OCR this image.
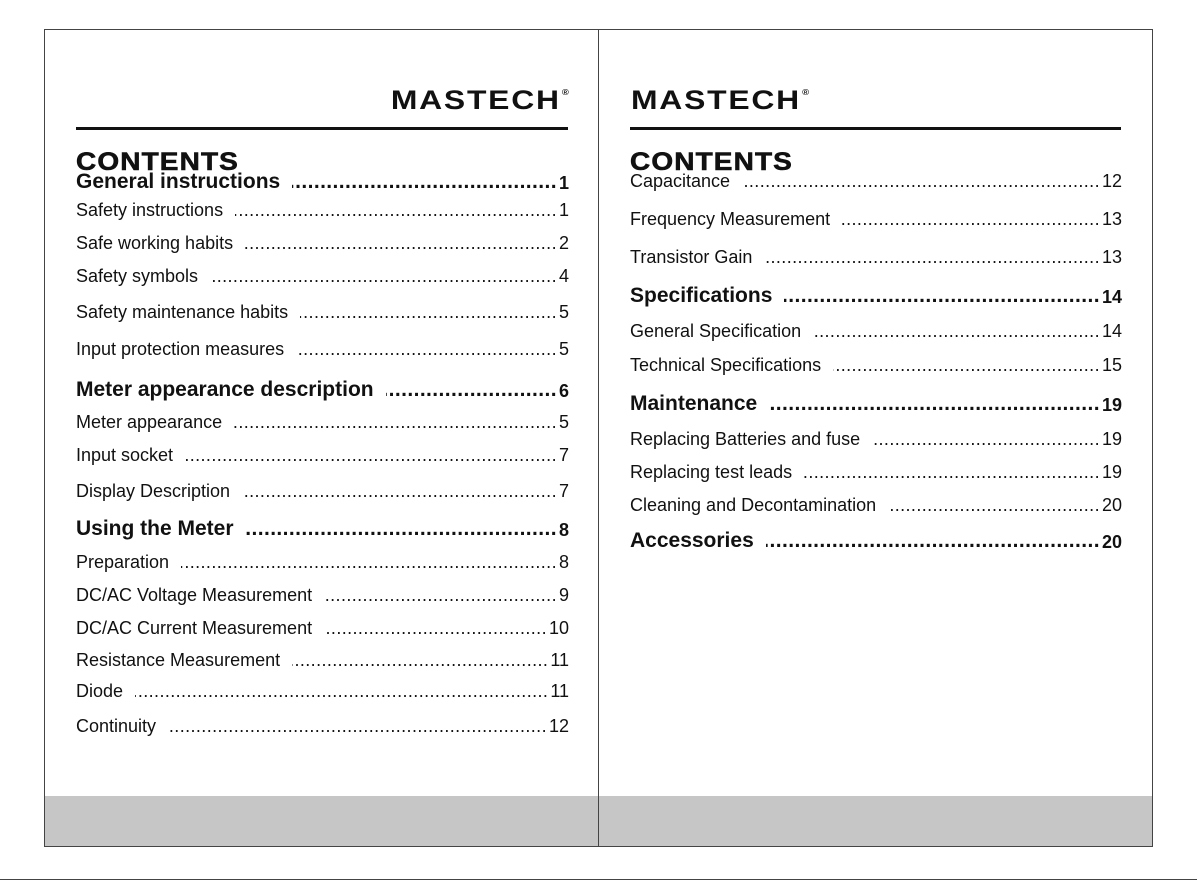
MASTECH®
CONTENTS
General instructions .....	1
Safety instructions .....	1
Safe working habits .....	2
Safety symbols .....	4
Safety maintenance habits .....	5
Input protection measures .....	5
Meter appearance description .....	6
Meter appearance .....	5
Input socket .....	7
Display Description .....	7
Using the Meter .....	8
Preparation .....	8
DC/AC Voltage Measurement .....	9
DC/AC Current Measurement .....	10
Resistance Measurement .....	11
Diode .....	11
Continuity .....	12
MASTECH®
CONTENTS
Capacitance .....	12
Frequency Measurement .....	13
Transistor Gain .....	13
Specifications .....	14
General Specification .....	14
Technical Specifications .....	15
Maintenance .....	19
Replacing Batteries and fuse .....	19
Replacing test leads .....	19
Cleaning and Decontamination .....	20
Accessories .....	20
